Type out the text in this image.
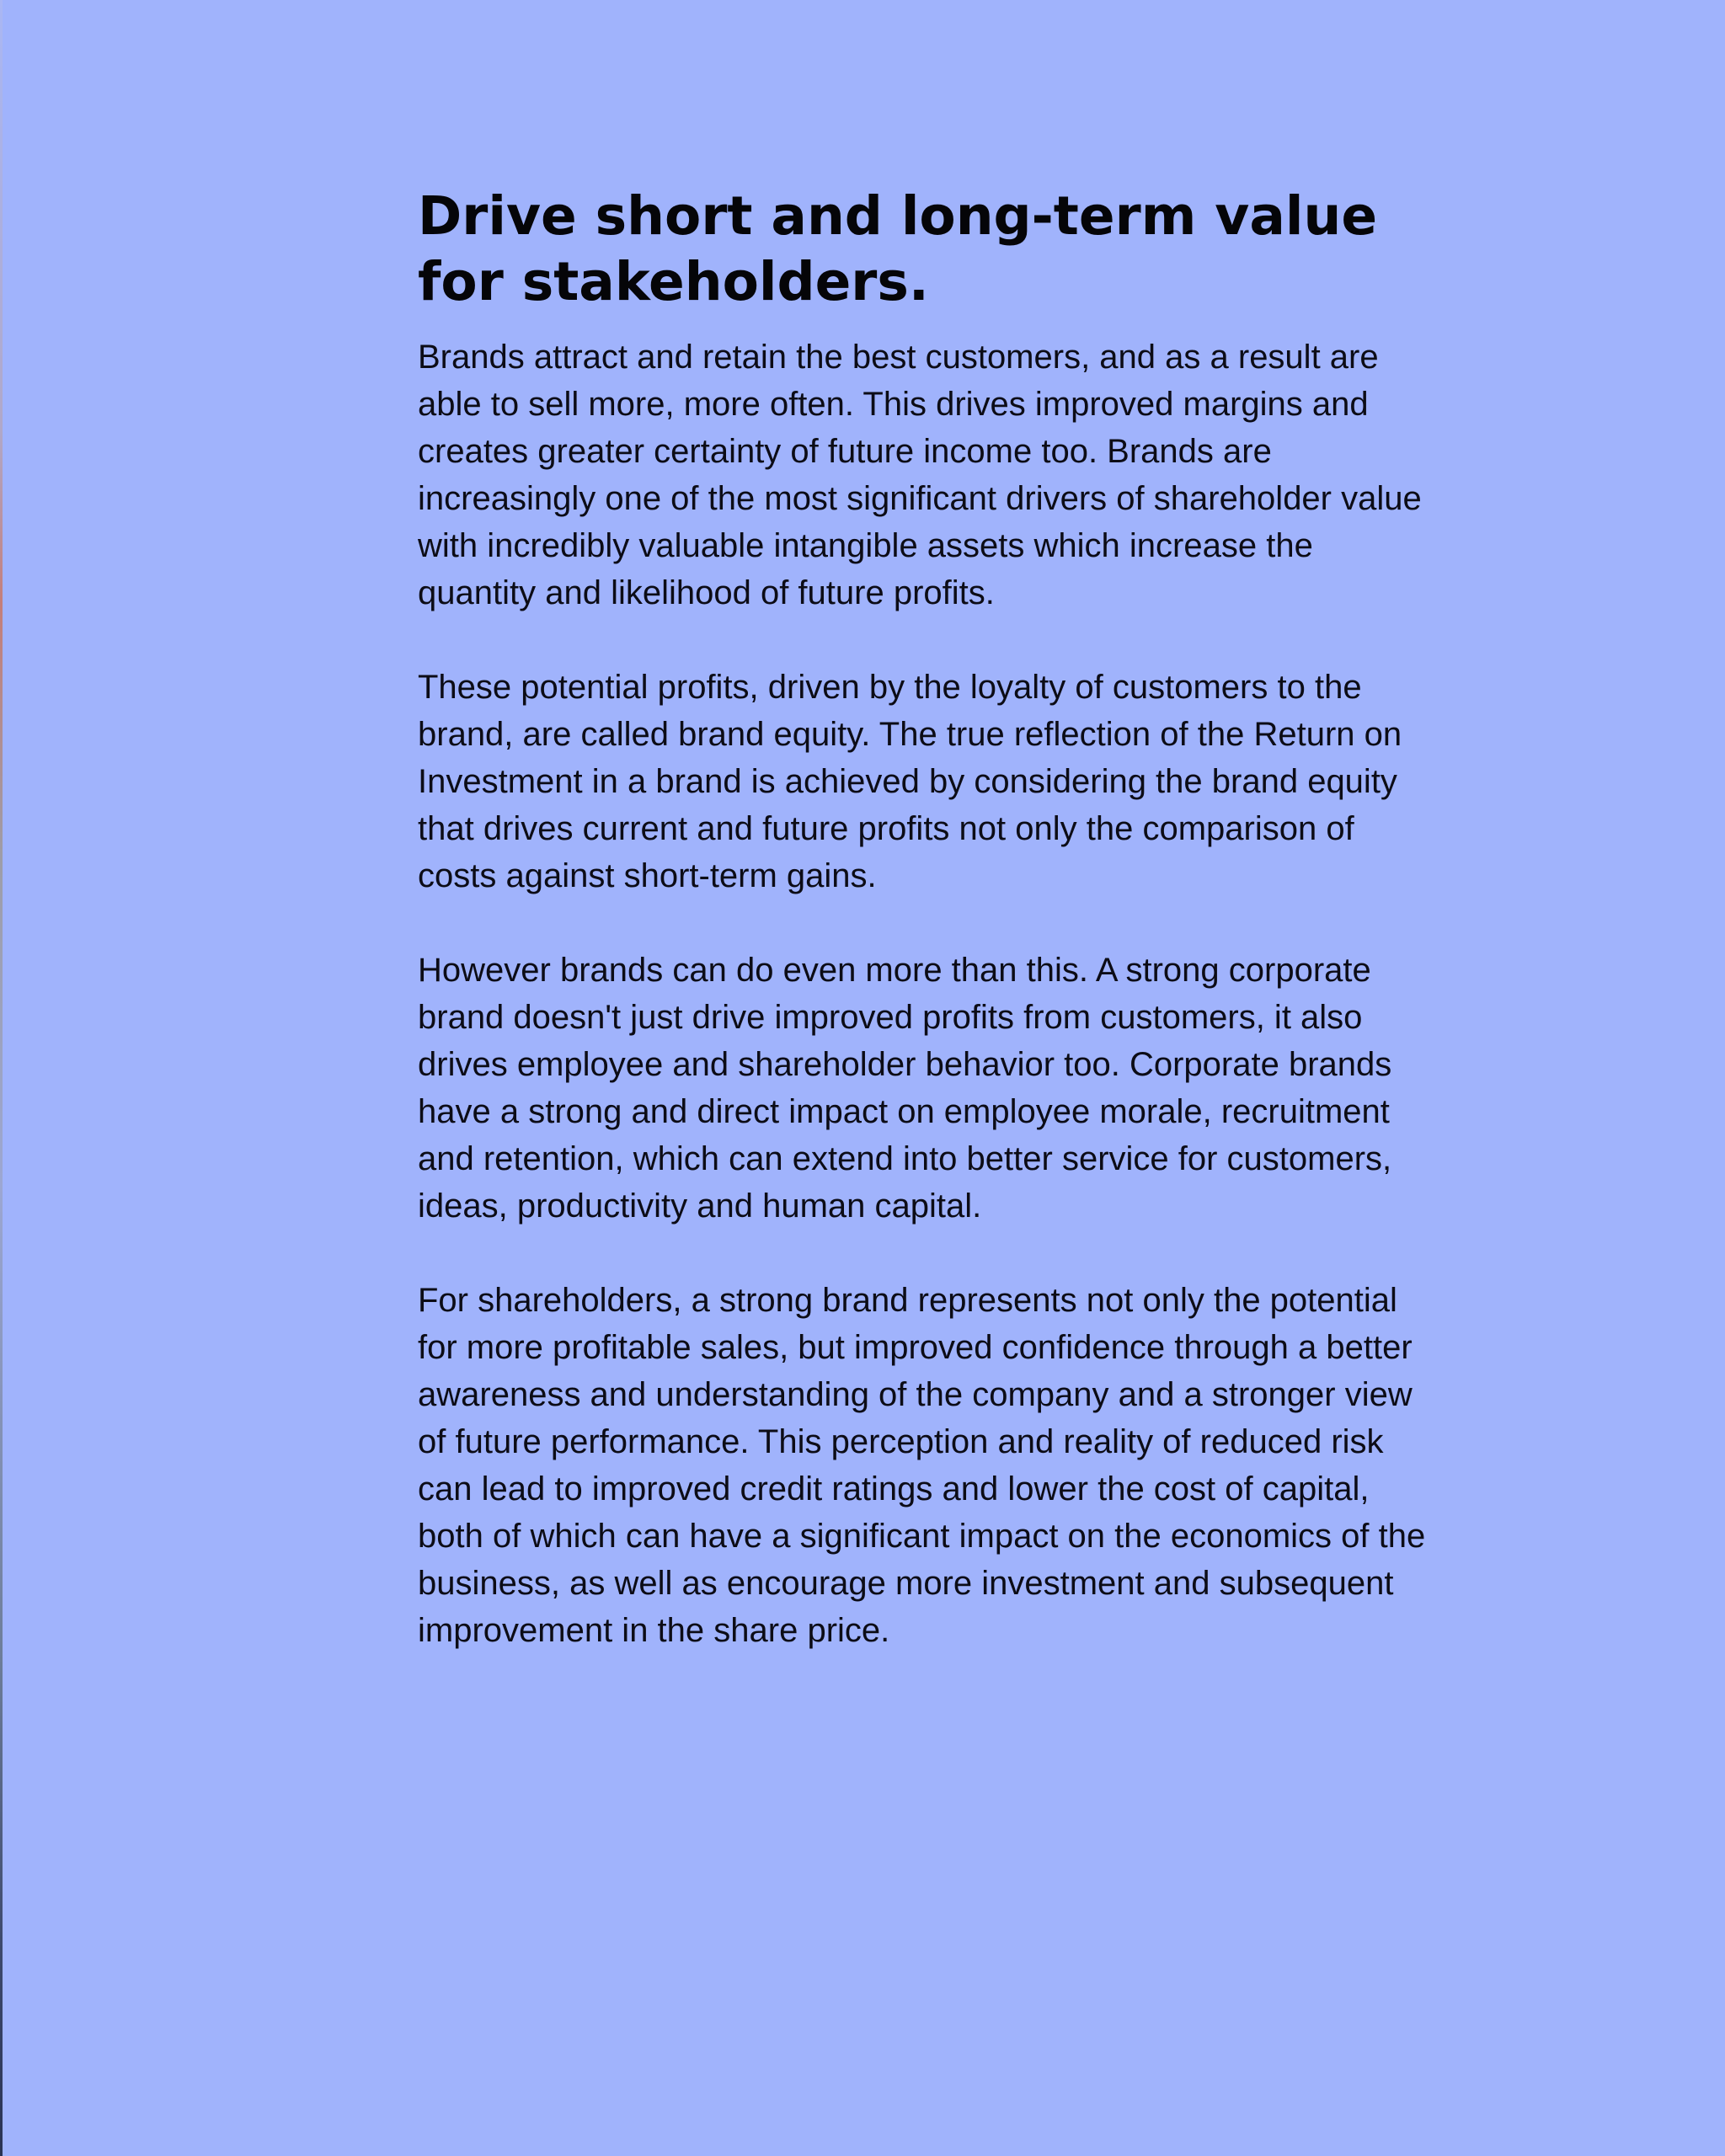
Drive short and long-term value for stakeholders.

Brands attract and retain the best customers, and as a result are able to sell more, more often. This drives improved margins and creates greater certainty of future income too. Brands are increasingly one of the most significant drivers of shareholder value with incredibly valuable intangible assets which increase the quantity and likelihood of future profits.

These potential profits, driven by the loyalty of customers to the brand, are called brand equity. The true reflection of the Return on Investment in a brand is achieved by considering the brand equity that drives current and future profits not only the comparison of costs against short-term gains.

However brands can do even more than this. A strong corporate brand doesn't just drive improved profits from customers, it also drives employee and shareholder behavior too. Corporate brands have a strong and direct impact on employee morale, recruitment and retention, which can extend into better service for customers, ideas, productivity and human capital.

For shareholders, a strong brand represents not only the potential for more profitable sales, but improved confidence through a better awareness and understanding of the company and a stronger view of future performance. This perception and reality of reduced risk can lead to improved credit ratings and lower the cost of capital, both of which can have a significant impact on the economics of the business, as well as encourage more investment and subsequent improvement in the share price.
